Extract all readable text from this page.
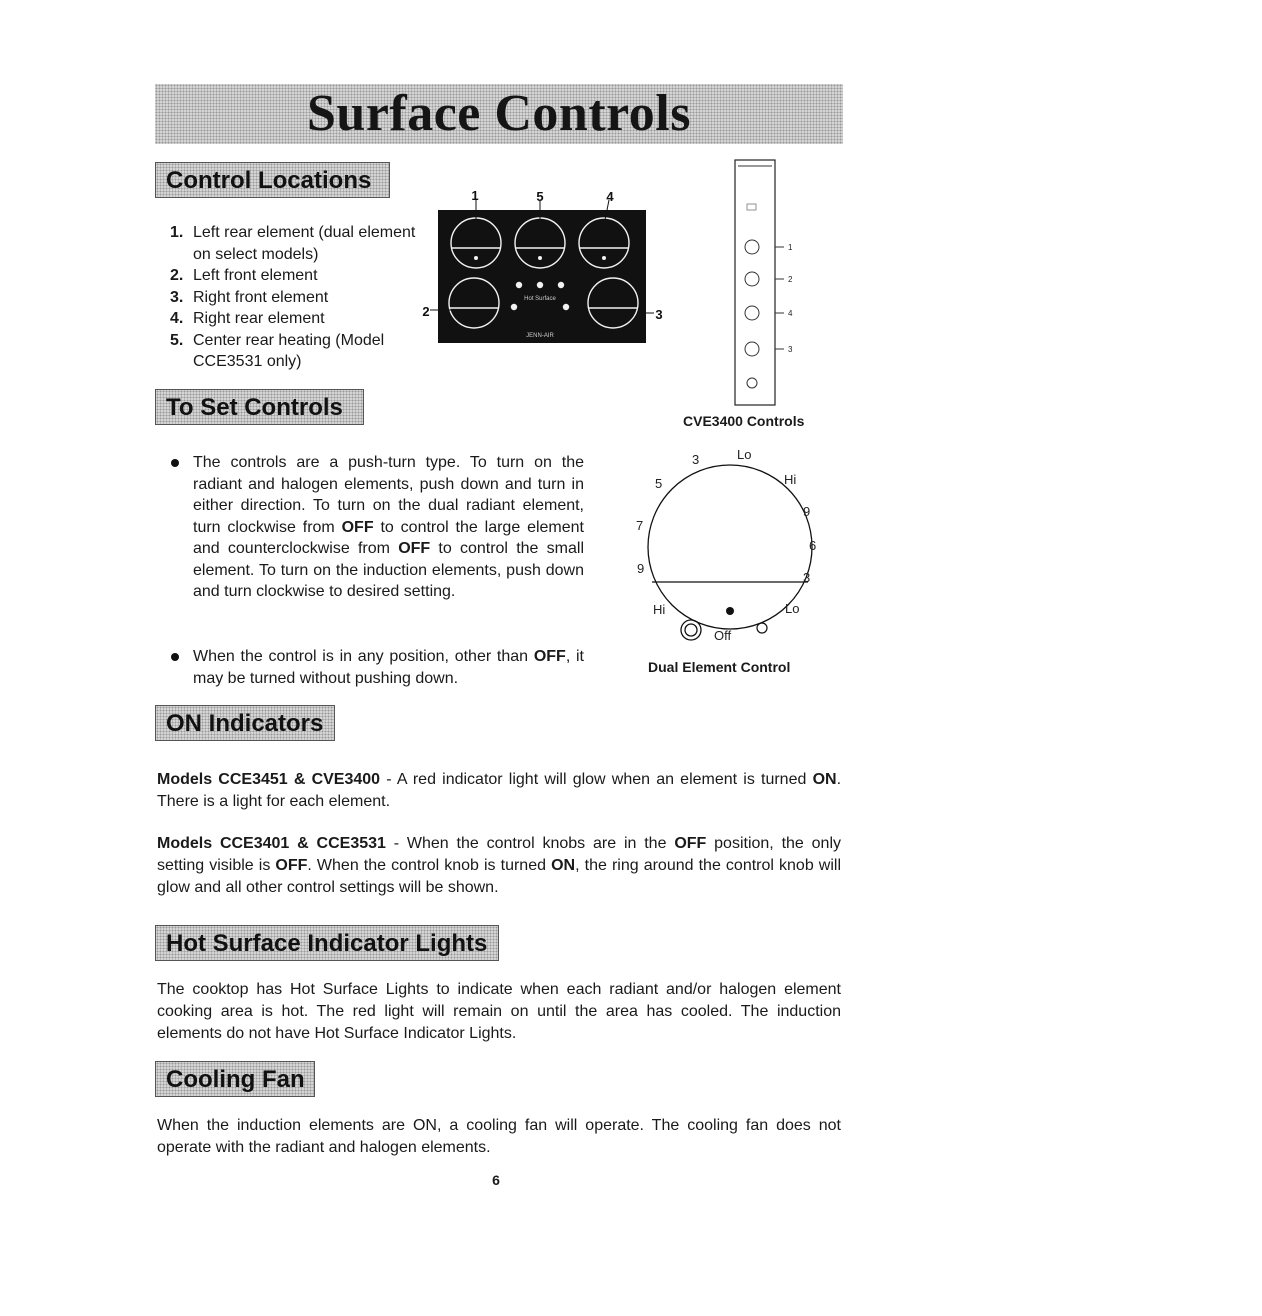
Surface Controls
Control Locations
1. Left rear element (dual element on select models)
2. Left front element
3. Right front element
4. Right rear element
5. Center rear heating (Model CCE3531 only)
Hot Surface
JENN-AIR
1	5	4
2	3
1
2
4
3
CVE3400 Controls
To Set Controls
The controls are a push-turn type. To turn on the radiant and halogen elements, push down and turn in either direction. To turn on the dual radiant element, turn clockwise from OFF to control the large element and counterclockwise from OFF to control the small element. To turn on the induction elements, push down and turn clockwise to desired setting.
When the control is in any position, other than OFF, it may be turned without pushing down.
3	Lo
5	Hi
7
9
6
9
3
Hi	Lo
Off
Dual Element Control
ON Indicators
Models CCE3451 & CVE3400 - A red indicator light will glow when an element is turned ON. There is a light for each element.
Models CCE3401 & CCE3531 - When the control knobs are in the OFF position, the only setting visible is OFF. When the control knob is turned ON, the ring around the control knob will glow and all other control settings will be shown.
Hot Surface Indicator Lights
The cooktop has Hot Surface Lights to indicate when each radiant and/or halogen element cooking area is hot. The red light will remain on until the area has cooled. The induction elements do not have Hot Surface Indicator Lights.
Cooling Fan
When the induction elements are ON, a cooling fan will operate. The cooling fan does not operate with the radiant and halogen elements.
6
